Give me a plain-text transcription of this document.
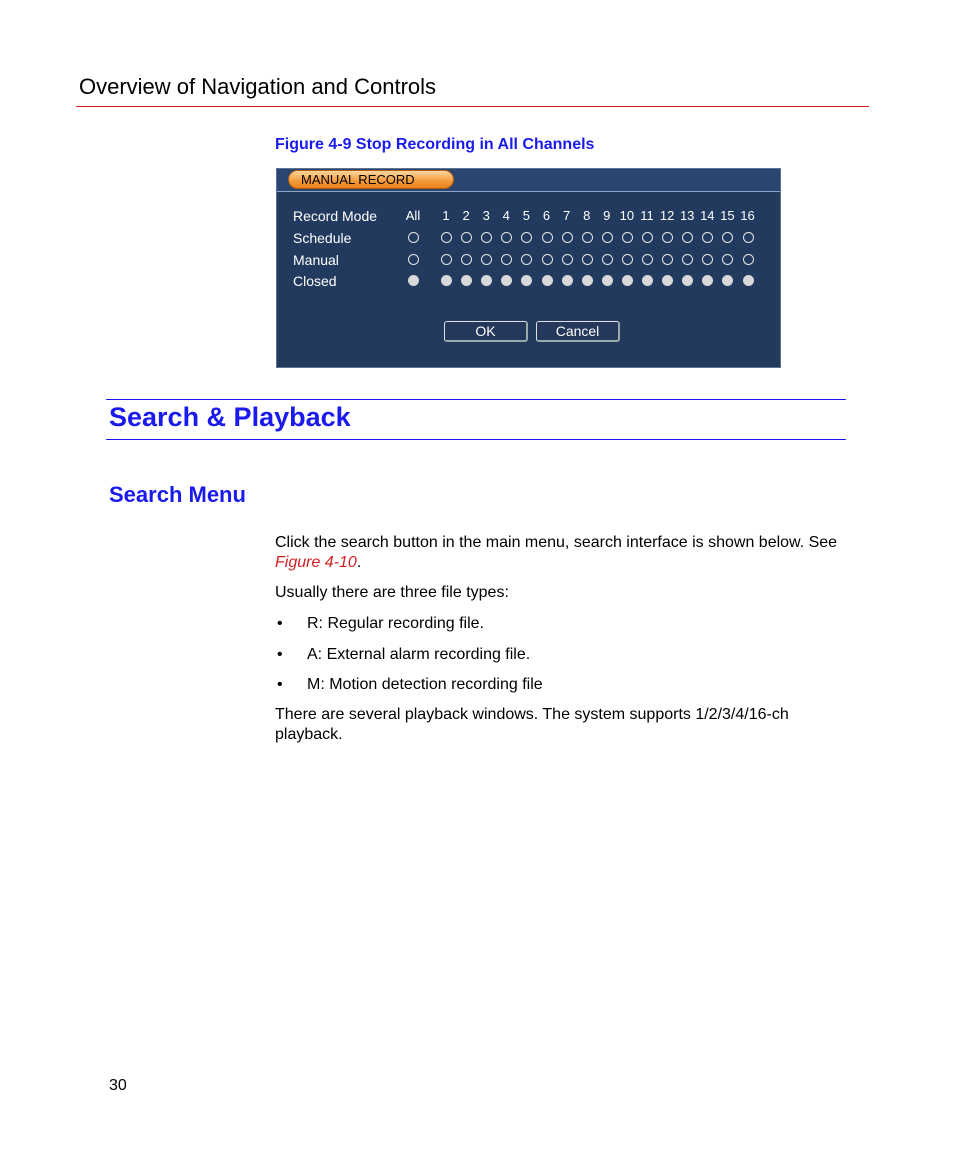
Overview of Navigation and Controls
Figure 4-9 Stop Recording in All Channels
MANUAL RECORD
Record Mode All	1 2 3 4 5 6 7 8 9 10 11 12 13 14 15 16
Schedule
Manual
Closed
OK	Cancel
Search & Playback
Search Menu
Click the search button in the main menu, search interface is shown below. See Figure 4-10.
Usually there are three file types:
• R: Regular recording file.
• A: External alarm recording file.
• M: Motion detection recording file
There are several playback windows. The system supports 1/2/3/4/16-ch playback.
30
